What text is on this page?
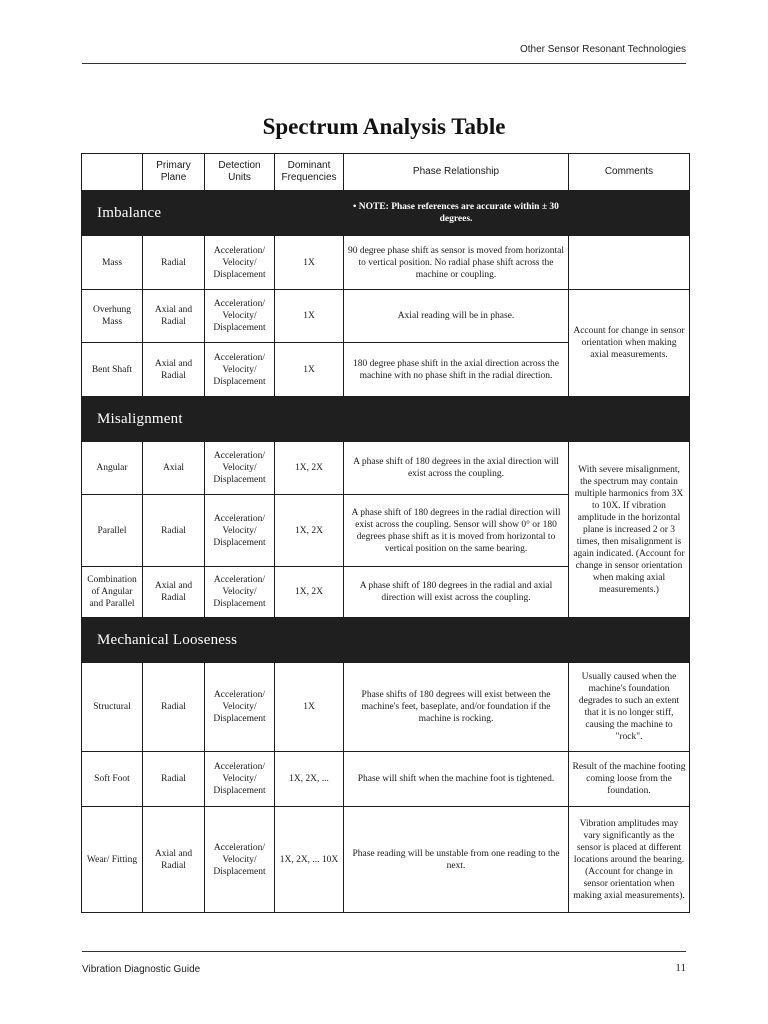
Other Sensor Resonant Technologies
Spectrum Analysis Table
	Primary Plane	Detection Units	Dominant Frequencies	Phase Relationship	Comments
Imbalance				• NOTE: Phase references are accurate within ± 30 degrees.	
Mass	Radial	Acceleration/ Velocity/ Displacement	1X	90 degree phase shift as sensor is moved from horizontal to vertical position. No radial phase shift across the machine or coupling.	
Overhung Mass	Axial and Radial	Acceleration/ Velocity/ Displacement	1X	Axial reading will be in phase.	Account for change in sensor orientation when making axial measurements.
Bent Shaft	Axial and Radial	Acceleration/ Velocity/ Displacement	1X	180 degree phase shift in the axial direction across the machine with no phase shift in the radial direction.	
Misalignment					
Angular	Axial	Acceleration/ Velocity/ Displacement	1X, 2X	A phase shift of 180 degrees in the axial direction will exist across the coupling.	With severe misalignment, the spectrum may contain multiple harmonics from 3X to 10X. If vibration amplitude in the horizontal plane is increased 2 or 3 times, then misalignment is again indicated. (Account for change in sensor orientation when making axial measurements.)
Parallel	Radial	Acceleration/ Velocity/ Displacement	1X, 2X	A phase shift of 180 degrees in the radial direction will exist across the coupling. Sensor will show 0° or 180 degrees phase shift as it is moved from horizontal to vertical position on the same bearing.	
Combination of Angular and Parallel	Axial and Radial	Acceleration/ Velocity/ Displacement	1X, 2X	A phase shift of 180 degrees in the radial and axial direction will exist across the coupling.	
Mechanical Looseness					
Structural	Radial	Acceleration/ Velocity/ Displacement	1X	Phase shifts of 180 degrees will exist between the machine's feet, baseplate, and/or foundation if the machine is rocking.	Usually caused when the machine's foundation degrades to such an extent that it is no longer stiff, causing the machine to "rock".
Soft Foot	Radial	Acceleration/ Velocity/ Displacement	1X, 2X, ...	Phase will shift when the machine foot is tightened.	Result of the machine footing coming loose from the foundation.
Wear/ Fitting	Axial and Radial	Acceleration/ Velocity/ Displacement	1X, 2X, ... 10X	Phase reading will be unstable from one reading to the next.	Vibration amplitudes may vary significantly as the sensor is placed at different locations around the bearing. (Account for change in sensor orientation when making axial measurements).
Vibration Diagnostic Guide	11
